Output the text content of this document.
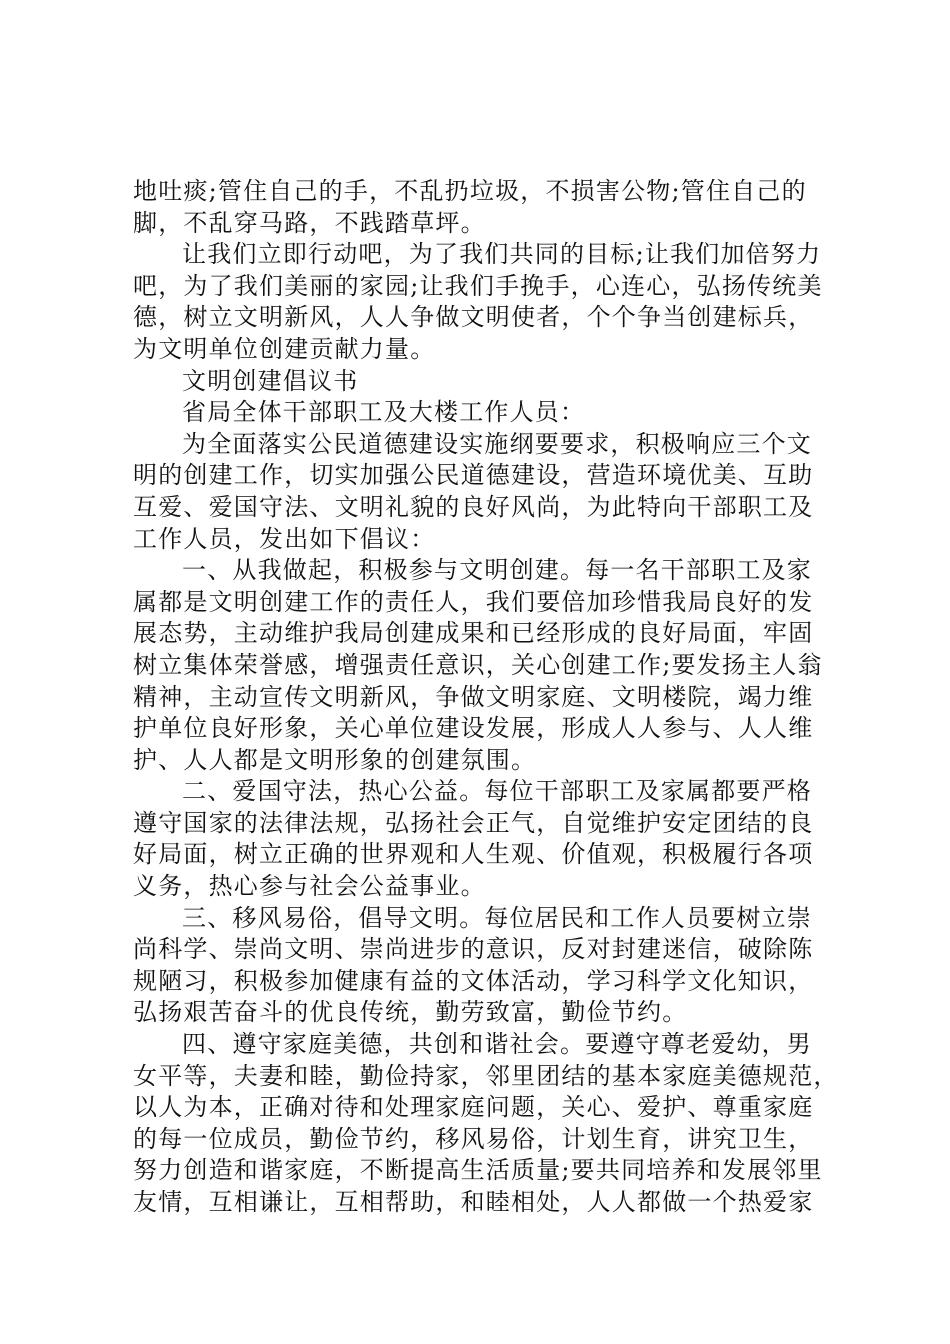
地吐痰;管住自己的手，不乱扔垃圾，不损害公物;管住自己的
脚，不乱穿马路，不践踏草坪。
让我们立即行动吧，为了我们共同的目标;让我们加倍努力
吧，为了我们美丽的家园;让我们手挽手，心连心，弘扬传统美
德，树立文明新风，人人争做文明使者，个个争当创建标兵，
为文明单位创建贡献力量。
文明创建倡议书
省局全体干部职工及大楼工作人员：
为全面落实公民道德建设实施纲要要求，积极响应三个文
明的创建工作，切实加强公民道德建设，营造环境优美、互助
互爱、爱国守法、文明礼貌的良好风尚，为此特向干部职工及
工作人员，发出如下倡议：
一、从我做起，积极参与文明创建。每一名干部职工及家
属都是文明创建工作的责任人，我们要倍加珍惜我局良好的发
展态势，主动维护我局创建成果和已经形成的良好局面，牢固
树立集体荣誉感，增强责任意识，关心创建工作;要发扬主人翁
精神，主动宣传文明新风，争做文明家庭、文明楼院，竭力维
护单位良好形象，关心单位建设发展，形成人人参与、人人维
护、人人都是文明形象的创建氛围。
二、爱国守法，热心公益。每位干部职工及家属都要严格
遵守国家的法律法规，弘扬社会正气，自觉维护安定团结的良
好局面，树立正确的世界观和人生观、价值观，积极履行各项
义务，热心参与社会公益事业。
三、移风易俗，倡导文明。每位居民和工作人员要树立崇
尚科学、崇尚文明、崇尚进步的意识，反对封建迷信，破除陈
规陋习，积极参加健康有益的文体活动，学习科学文化知识，
弘扬艰苦奋斗的优良传统，勤劳致富，勤俭节约。
四、遵守家庭美德，共创和谐社会。要遵守尊老爱幼，男
女平等，夫妻和睦，勤俭持家，邻里团结的基本家庭美德规范，
以人为本，正确对待和处理家庭问题，关心、爱护、尊重家庭
的每一位成员，勤俭节约，移风易俗，计划生育，讲究卫生，
努力创造和谐家庭，不断提高生活质量;要共同培养和发展邻里
友情，互相谦让，互相帮助，和睦相处，人人都做一个热爱家
